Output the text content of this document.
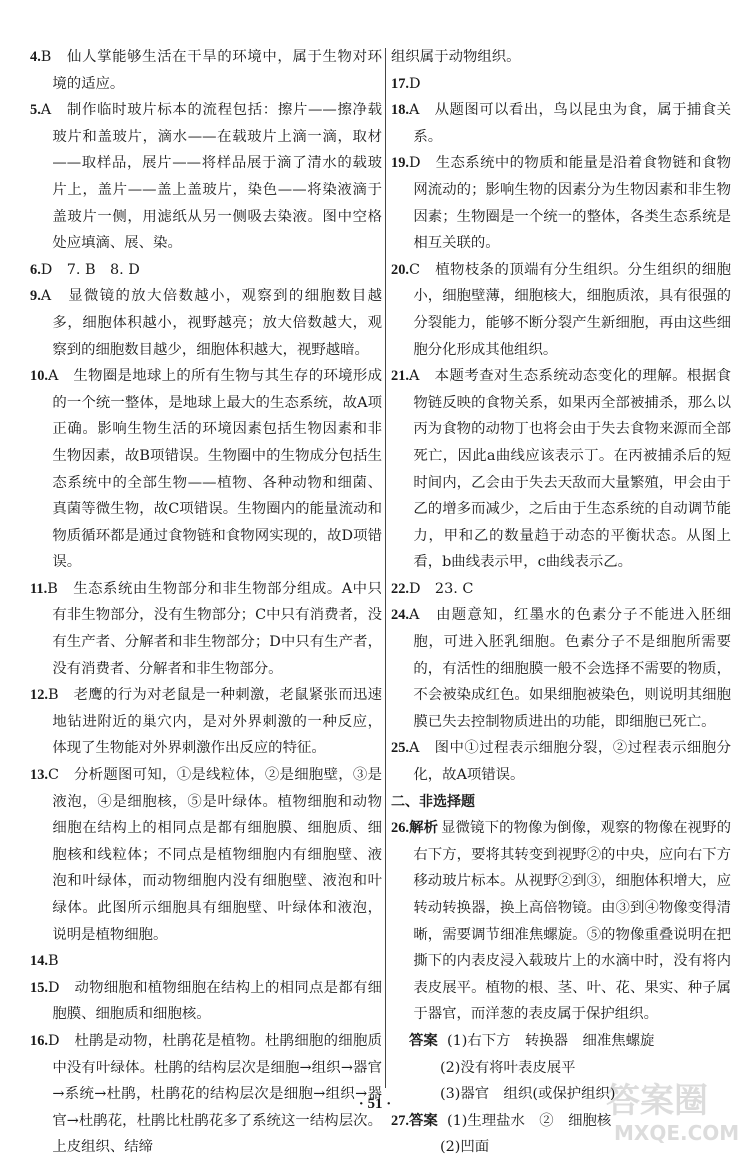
4.B　仙人掌能够生活在干旱的环境中，属于生物对环境的适应。
5.A　制作临时玻片标本的流程包括：擦片——擦净载玻片和盖玻片，滴水——在载玻片上滴一滴，取材——取样品，展片——将样品展于滴了清水的载玻片上，盖片——盖上盖玻片，染色——将染液滴于盖玻片一侧，用滤纸从另一侧吸去染液。图中空格处应填滴、展、染。
6.D　7. B　8. D
9.A　显微镜的放大倍数越小，观察到的细胞数目越多，细胞体积越小，视野越亮；放大倍数越大，观察到的细胞数目越少，细胞体积越大，视野越暗。
10.A　生物圈是地球上的所有生物与其生存的环境形成的一个统一整体，是地球上最大的生态系统，故A项正确。影响生物生活的环境因素包括生物因素和非生物因素，故B项错误。生物圈中的生物成分包括生态系统中的全部生物——植物、各种动物和细菌、真菌等微生物，故C项错误。生物圈内的能量流动和物质循环都是通过食物链和食物网实现的，故D项错误。
11.B　生态系统由生物部分和非生物部分组成。A中只有非生物部分，没有生物部分；C中只有消费者，没有生产者、分解者和非生物部分；D中只有生产者，没有消费者、分解者和非生物部分。
12.B　老鹰的行为对老鼠是一种刺激，老鼠紧张而迅速地钻进附近的巢穴内，是对外界刺激的一种反应，体现了生物能对外界刺激作出反应的特征。
13.C　分析题图可知，①是线粒体，②是细胞壁，③是液泡，④是细胞核，⑤是叶绿体。植物细胞和动物细胞在结构上的相同点是都有细胞膜、细胞质、细胞核和线粒体；不同点是植物细胞内有细胞壁、液泡和叶绿体，而动物细胞内没有细胞壁、液泡和叶绿体。此图所示细胞具有细胞壁、叶绿体和液泡，说明是植物细胞。
14.B
15.D　动物细胞和植物细胞在结构上的相同点是都有细胞膜、细胞质和细胞核。
16.D　杜鹃是动物，杜鹃花是植物。杜鹃细胞的细胞质中没有叶绿体。杜鹃的结构层次是细胞→组织→器官→系统→杜鹃，杜鹃花的结构层次是细胞→组织→器官→杜鹃花，杜鹃比杜鹃花多了系统这一结构层次。上皮组织、结缔
组织属于动物组织。
17.D
18.A　从题图可以看出，鸟以昆虫为食，属于捕食关系。
19.D　生态系统中的物质和能量是沿着食物链和食物网流动的；影响生物的因素分为生物因素和非生物因素；生物圈是一个统一的整体，各类生态系统是相互关联的。
20.C　植物枝条的顶端有分生组织。分生组织的细胞小，细胞壁薄，细胞核大，细胞质浓，具有很强的分裂能力，能够不断分裂产生新细胞，再由这些细胞分化形成其他组织。
21.A　本题考查对生态系统动态变化的理解。根据食物链反映的食物关系，如果丙全部被捕杀，那么以丙为食物的动物丁也将会由于失去食物来源而全部死亡，因此a曲线应该表示丁。在丙被捕杀后的短时间内，乙会由于失去天敌而大量繁殖，甲会由于乙的增多而减少，之后由于生态系统的自动调节能力，甲和乙的数量趋于动态的平衡状态。从图上看，b曲线表示甲，c曲线表示乙。
22.D　23. C
24.A　由题意知，红墨水的色素分子不能进入胚细胞，可进入胚乳细胞。色素分子不是细胞所需要的，有活性的细胞膜一般不会选择不需要的物质，不会被染成红色。如果细胞被染色，则说明其细胞膜已失去控制物质进出的功能，即细胞已死亡。
25.A　图中①过程表示细胞分裂，②过程表示细胞分化，故A项错误。
二、非选择题
26.解析  显微镜下的物像为倒像，观察的物像在视野的右下方，要将其转变到视野②的中央，应向右下方移动玻片标本。从视野②到③，细胞体积增大，应转动转换器，换上高倍物镜。由③到④物像变得清晰，需要调节细准焦螺旋。⑤的物像重叠说明在把撕下的内表皮浸入载玻片上的水滴中时，没有将内表皮展平。植物的根、茎、叶、花、果实、种子属于器官，而洋葱的表皮属于保护组织。
答案 (1)右下方　转换器　细准焦螺旋
(2)没有将叶表皮展平
(3)器官　组织(或保护组织)
27.答案 (1)生理盐水　②　细胞核
(2)凹面
· 51 ·	答案圈
MXQE.COM
